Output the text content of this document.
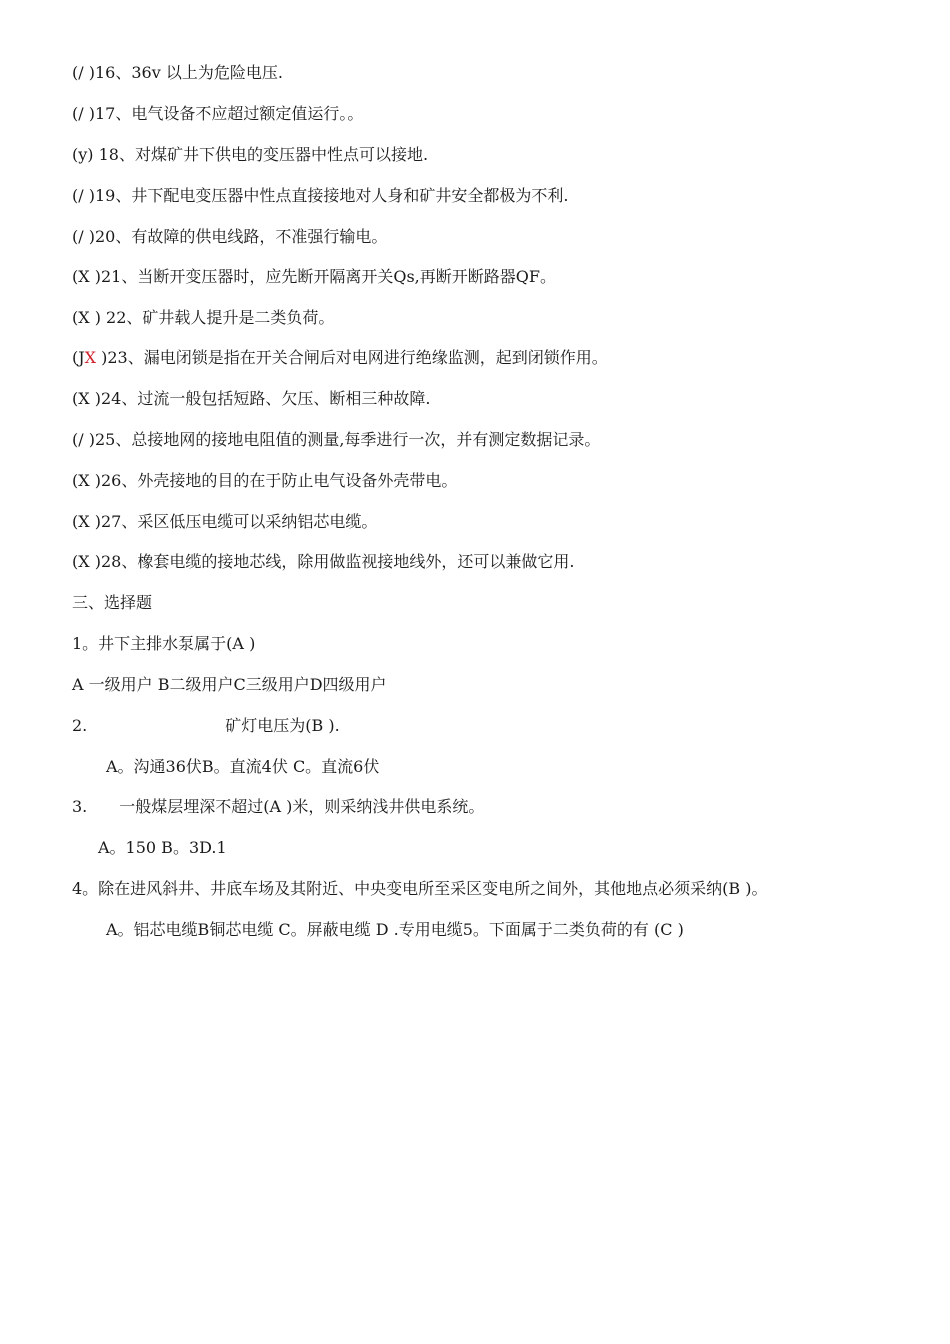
(/ )16、36v 以上为危险电压.
(/ )17、电气设备不应超过额定值运行。。
(y) 18、对煤矿井下供电的变压器中性点可以接地.
(/ )19、井下配电变压器中性点直接接地对人身和矿井安全都极为不利.
(/ )20、有故障的供电线路，不准强行输电。
(X )21、当断开变压器时，应先断开隔离开关Qs,再断开断路器QF。
(X ) 22、矿井载人提升是二类负荷。
(JX )23、漏电闭锁是指在开关合闸后对电网进行绝缘监测，起到闭锁作用。
(X )24、过流一般包括短路、欠压、断相三种故障.
(/ )25、总接地网的接地电阻值的测量,每季进行一次，并有测定数据记录。
(X )26、外壳接地的目的在于防止电气设备外壳带电。
(X )27、采区低压电缆可以采纳铝芯电缆。
(X )28、橡套电缆的接地芯线，除用做监视接地线外，还可以兼做它用.
三、选择题
1。井下主排水泵属于(A )
A 一级用户 B二级用户C三级用户D四级用户
2.	矿灯电压为(B ).
A。沟通36伏B。直流4伏 C。直流6伏
3. 一般煤层埋深不超过(A )米，则采纳浅井供电系统。
A。150 B。3D.1
4。除在进风斜井、井底车场及其附近、中央变电所至采区变电所之间外，其他地点必须采纳(B )。
A。铝芯电缆B铜芯电缆 C。屏蔽电缆 D .专用电缆5。下面属于二类负荷的有 (C )
